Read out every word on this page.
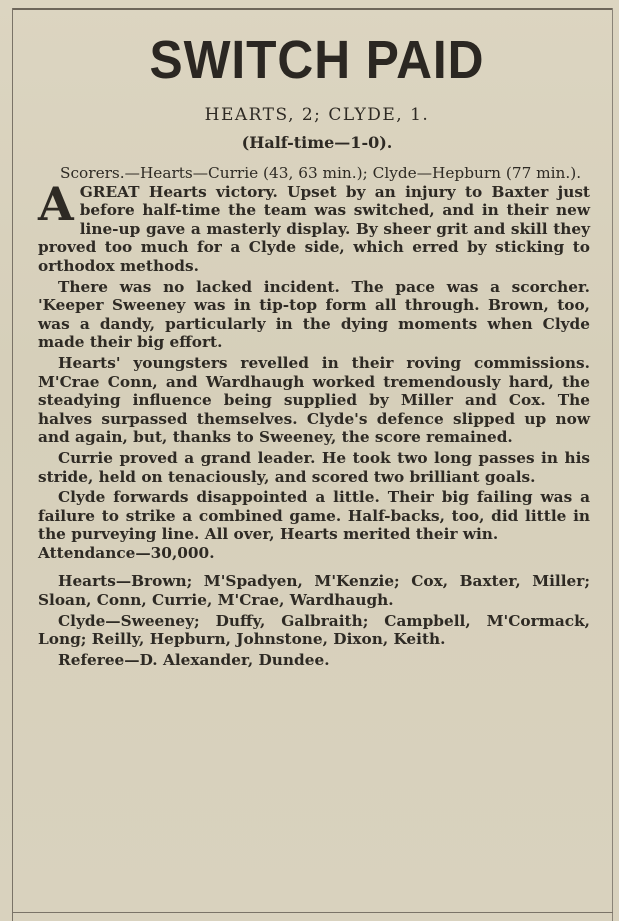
SWITCH PAID
HEARTS, 2; CLYDE, 1.
(Half-time—1-0).

Scorers.—Hearts—Currie (43, 63 min.); Clyde—Hepburn (77 min.).

A GREAT Hearts victory. Upset by an injury to Baxter just before half-time the team was switched, and in their new line-up gave a masterly display. By sheer grit and skill they proved too much for a Clyde side, which erred by sticking to orthodox methods.

There was no lacked incident. The pace was a scorcher. 'Keeper Sweeney was in tip-top form all through. Brown, too, was a dandy, particularly in the dying moments when Clyde made their big effort.

Hearts' youngsters revelled in their roving commissions. M'Crae Conn, and Wardhaugh worked tremendously hard, the steadying influence being supplied by Miller and Cox. The halves surpassed themselves. Clyde's defence slipped up now and again, but, thanks to Sweeney, the score remained.

Currie proved a grand leader. He took two long passes in his stride, held on tenaciously, and scored two brilliant goals.

Clyde forwards disappointed a little. Their big failing was a failure to strike a combined game. Half-backs, too, did little in the purveying line. All over, Hearts merited their win.

Attendance—30,000.

Hearts—Brown; M'Spadyen, M'Kenzie; Cox, Baxter, Miller; Sloan, Conn, Currie, M'Crae, Wardhaugh.

Clyde—Sweeney; Duffy, Galbraith; Campbell, M'Cormack, Long; Reilly, Hepburn, Johnstone, Dixon, Keith.

Referee—D. Alexander, Dundee.
